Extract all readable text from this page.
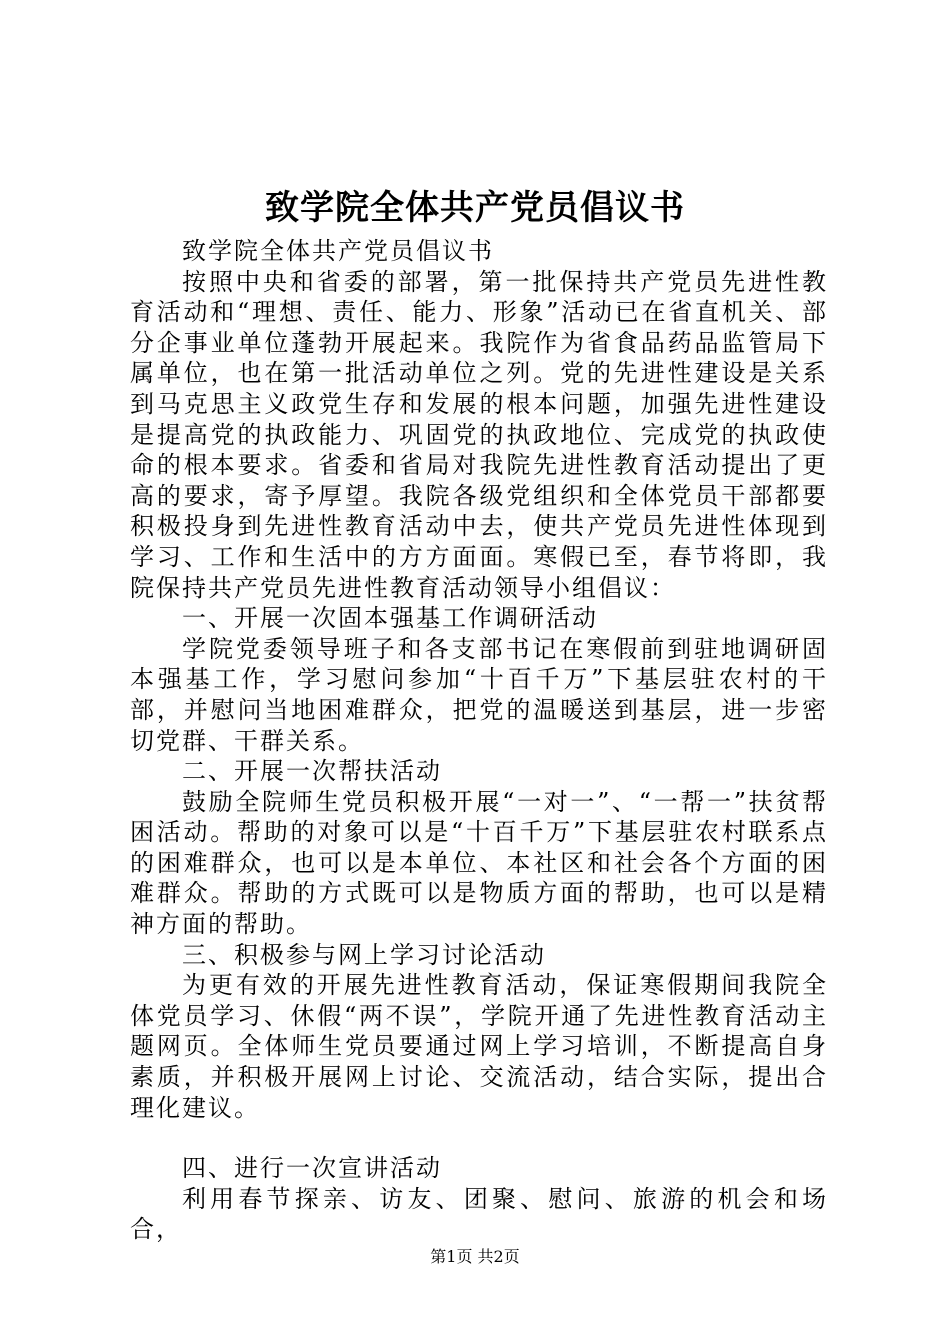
致学院全体共产党员倡议书

致学院全体共产党员倡议书

按照中央和省委的部署，第一批保持共产党员先进性教育活动和“理想、责任、能力、形象”活动已在省直机关、部分企事业单位蓬勃开展起来。我院作为省食品药品监管局下属单位，也在第一批活动单位之列。党的先进性建设是关系到马克思主义政党生存和发展的根本问题，加强先进性建设是提高党的执政能力、巩固党的执政地位、完成党的执政使命的根本要求。省委和省局对我院先进性教育活动提出了更高的要求，寄予厚望。我院各级党组织和全体党员干部都要积极投身到先进性教育活动中去，使共产党员先进性体现到学习、工作和生活中的方方面面。寒假已至，春节将即，我院保持共产党员先进性教育活动领导小组倡议：

一、开展一次固本强基工作调研活动

学院党委领导班子和各支部书记在寒假前到驻地调研固本强基工作，学习慰问参加“十百千万”下基层驻农村的干部，并慰问当地困难群众，把党的温暖送到基层，进一步密切党群、干群关系。

二、开展一次帮扶活动

鼓励全院师生党员积极开展“一对一”、“一帮一”扶贫帮困活动。帮助的对象可以是“十百千万”下基层驻农村联系点的困难群众，也可以是本单位、本社区和社会各个方面的困难群众。帮助的方式既可以是物质方面的帮助，也可以是精神方面的帮助。

三、积极参与网上学习讨论活动

为更有效的开展先进性教育活动，保证寒假期间我院全体党员学习、休假“两不误”，学院开通了先进性教育活动主题网页。全体师生党员要通过网上学习培训，不断提高自身素质，并积极开展网上讨论、交流活动，结合实际，提出合理化建议。

四、进行一次宣讲活动

利用春节探亲、访友、团聚、慰问、旅游的机会和场合，

第1页 共2页
